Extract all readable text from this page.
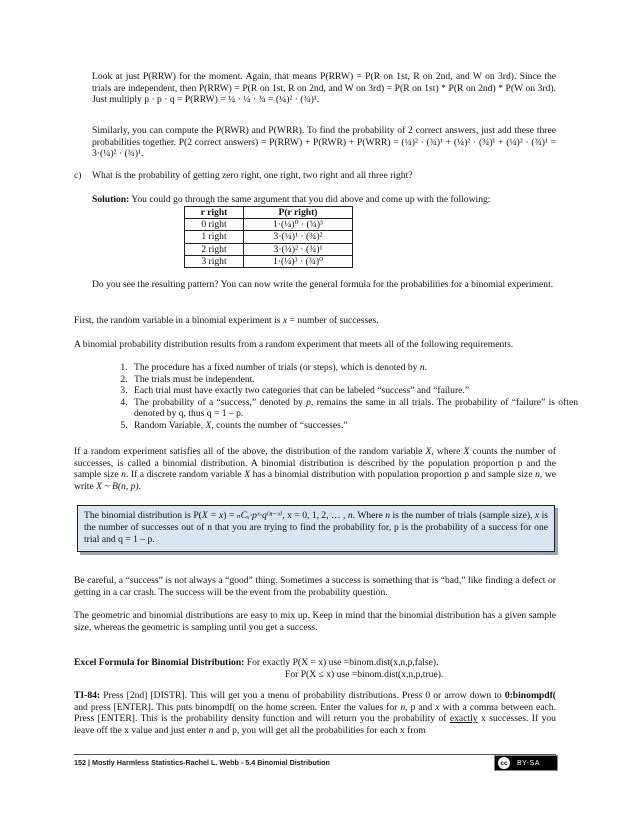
Look at just P(RRW) for the moment. Again, that means P(RRW) = P(R on 1st, R on 2nd, and W on 3rd). Since the trials are independent, then P(RRW) = P(R on 1st, R on 2nd, and W on 3rd) = P(R on 1st) * P(R on 2nd) * P(W on 3rd). Just multiply p · p · q = P(RRW) = ¼ · ¼ · ¾ = (¼)² · (¾)¹.

Similarly, you can compute the P(RWR) and P(WRR). To find the probability of 2 correct answers, just add these three probabilities together. P(2 correct answers) = P(RRW) + P(RWR) + P(WRR) = (¼)² · (¾)¹ + (¼)² · (¾)¹ + (¼)² · (¾)¹ = 3·(¼)² · (¾)¹.

c) What is the probability of getting zero right, one right, two right and all three right?

Solution: You could go through the same argument that you did above and come up with the following:

r right	P(r right)
0 right	1·(¼)⁰ · (¾)³
1 right	3·(¼)¹ · (¾)²
2 right	3·(¼)² · (¾)¹
3 right	1·(¼)³ · (¾)⁰

Do you see the resulting pattern? You can now write the general formula for the probabilities for a binomial experiment.

First, the random variable in a binomial experiment is x = number of successes.

A binomial probability distribution results from a random experiment that meets all of the following requirements.

1. The procedure has a fixed number of trials (or steps), which is denoted by n.
2. The trials must be independent.
3. Each trial must have exactly two categories that can be labeled “success” and “failure.”
4. The probability of a “success,” denoted by p, remains the same in all trials. The probability of “failure” is often denoted by q, thus q = 1 – p.
5. Random Variable, X, counts the number of “successes.”

If a random experiment satisfies all of the above, the distribution of the random variable X, where X counts the number of successes, is called a binomial distribution. A binomial distribution is described by the population proportion p and the sample size n. If a discrete random variable X has a binomial distribution with population proportion p and sample size n, we write X ~ B(n, p).

The binomial distribution is P(X = x) = ₙCₓ·pˣ·q⁽ⁿ⁻ˣ⁾, x = 0, 1, 2, … , n. Where n is the number of trials (sample size), x is the number of successes out of n that you are trying to find the probability for, p is the probability of a success for one trial and q = 1 – p.

Be careful, a “success” is not always a “good” thing. Sometimes a success is something that is “bad,” like finding a defect or getting in a car crash. The success will be the event from the probability question.

The geometric and binomial distributions are easy to mix up. Keep in mind that the binomial distribution has a given sample size, whereas the geometric is sampling until you get a success.

Excel Formula for Binomial Distribution: For exactly P(X = x) use =binom.dist(x,n,p,false).
For P(X ≤ x) use =binom.dist(x,n,p,true).

TI-84: Press [2nd] [DISTR]. This will get you a menu of probability distributions. Press 0 or arrow down to 0:binompdf( and press [ENTER]. This puts binompdf( on the home screen. Enter the values for n, p and x with a comma between each. Press [ENTER]. This is the probability density function and will return you the probability of exactly x successes. If you leave off the x value and just enter n and p, you will get all the probabilities for each x from

152 | Mostly Harmless Statistics-Rachel L. Webb - 5.4 Binomial Distribution	cc	BY-SA
